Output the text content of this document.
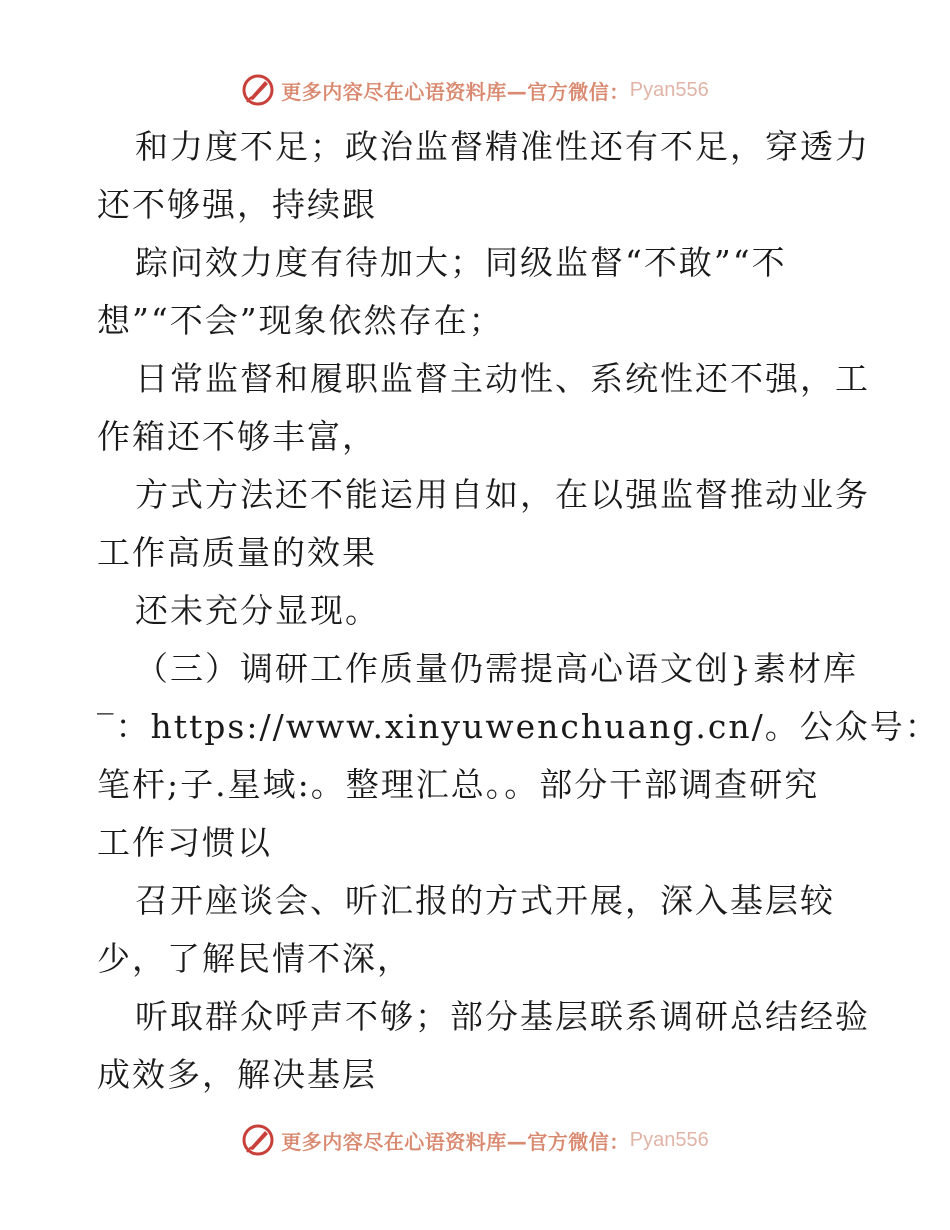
更多内容尽在心语资料库—官方微信： Pyan556
和力度不足；政治监督精准性还有不足，穿透力
还不够强，持续跟
踪问效力度有待加大；同级监督“不敢”“不
想”“不会”现象依然存在；
日常监督和履职监督主动性、系统性还不强，工
作箱还不够丰富，
方式方法还不能运用自如，在以强监督推动业务
工作高质量的效果
还未充分显现。
（三）调研工作质量仍需提高心语文创}素材库
‾：https://www.xinyuwenchuang.cn/。公众号：
笔杆;子.星域:。整理汇总。。部分干部调查研究
工作习惯以
召开座谈会、听汇报的方式开展，深入基层较
少，了解民情不深，
听取群众呼声不够；部分基层联系调研总结经验
成效多，解决基层
更多内容尽在心语资料库—官方微信： Pyan556
